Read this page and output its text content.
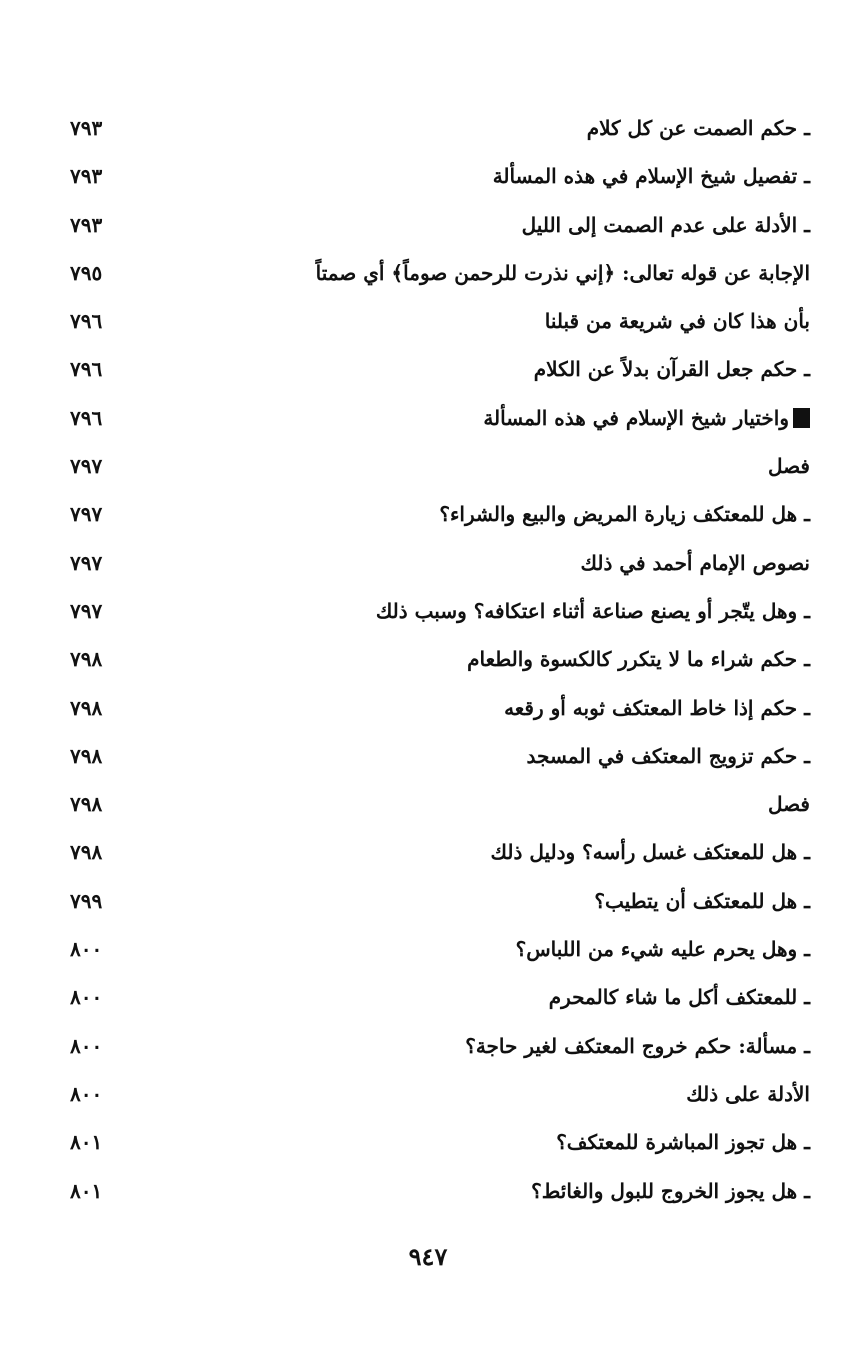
ـ حكم الصمت عن كل كلام
٧٩٣
ـ تفصيل شيخ الإسلام في هذه المسألة
٧٩٣
ـ الأدلة على عدم الصمت إلى الليل
٧٩٣
الإجابة عن قوله تعالى: ﴿إني نذرت للرحمن صوماً﴾ أي صمتاً
٧٩٥
بأن هذا كان في شريعة من قبلنا
٧٩٦
ـ حكم جعل القرآن بدلاً عن الكلام
٧٩٦
واختيار شيخ الإسلام في هذه المسألة
٧٩٦
فصل
٧٩٧
ـ هل للمعتكف زيارة المريض والبيع والشراء؟
٧٩٧
نصوص الإمام أحمد في ذلك
٧٩٧
ـ وهل يتّجر أو يصنع صناعة أثناء اعتكافه؟ وسبب ذلك
٧٩٧
ـ حكم شراء ما لا يتكرر كالكسوة والطعام
٧٩٨
ـ حكم إذا خاط المعتكف ثوبه أو رقعه
٧٩٨
ـ حكم تزويج المعتكف في المسجد
٧٩٨
فصل
٧٩٨
ـ هل للمعتكف غسل رأسه؟ ودليل ذلك
٧٩٨
ـ هل للمعتكف أن يتطيب؟
٧٩٩
ـ وهل يحرم عليه شيء من اللباس؟
٨٠٠
ـ للمعتكف أكل ما شاء كالمحرم
٨٠٠
ـ مسألة: حكم خروج المعتكف لغير حاجة؟
٨٠٠
الأدلة على ذلك
٨٠٠
ـ هل تجوز المباشرة للمعتكف؟
٨٠١
ـ هل يجوز الخروج للبول والغائط؟
٨٠١
٩٤٧
